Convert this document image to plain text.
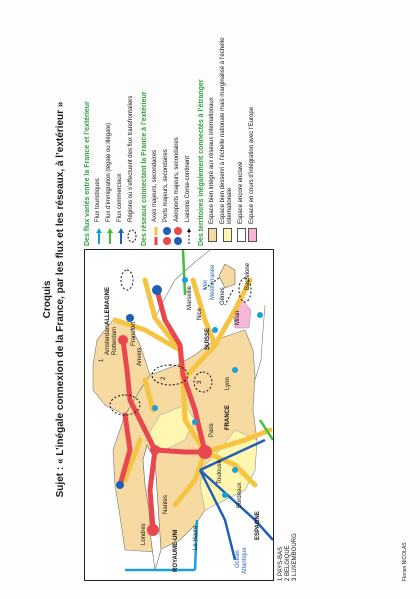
Croquis Sujet : « L’inégale connexion de la France, par les flux et les réseaux, à l’extérieur »	Amsterdam Rotterdam
Anvers
Londres	Le Havre
Paris
Francfort
Milan
Gênes
Lyon
Nice
Marseille
Barcelone
Toulouse
Bordeaux
Nantes
ALLEMAGNE
ROYAUME-UNI
SUISSE
FRANCE
ESPAGNE
Mer Méditerranée
Océan Atlantique
1
2
3
1 PAYS-BAS 2 BELGIQUE 3 LUXEMBOURG	Florian NICOLAS
Des flux variés entre la France et l’extérieur Flux touristiques Flux d’immigration (légale ou illégale) Flux commerciaux Régions où s’effectuent des flux transfrontaliers Des réseaux connectant la France à l’extérieur Axes majeurs, secondaires Ports majeurs, secondaires Aéroports majeurs, secondaires Liaisons Corse-continent Des territoires inégalement connectés à l’étranger Espace bien intégré aux réseaux internationaux Espace bien desservi à l’échelle nationale mais marginalisé à l’échelle internationale Espace encore enclavé Espace en cours d’intégration avec l’Europe
